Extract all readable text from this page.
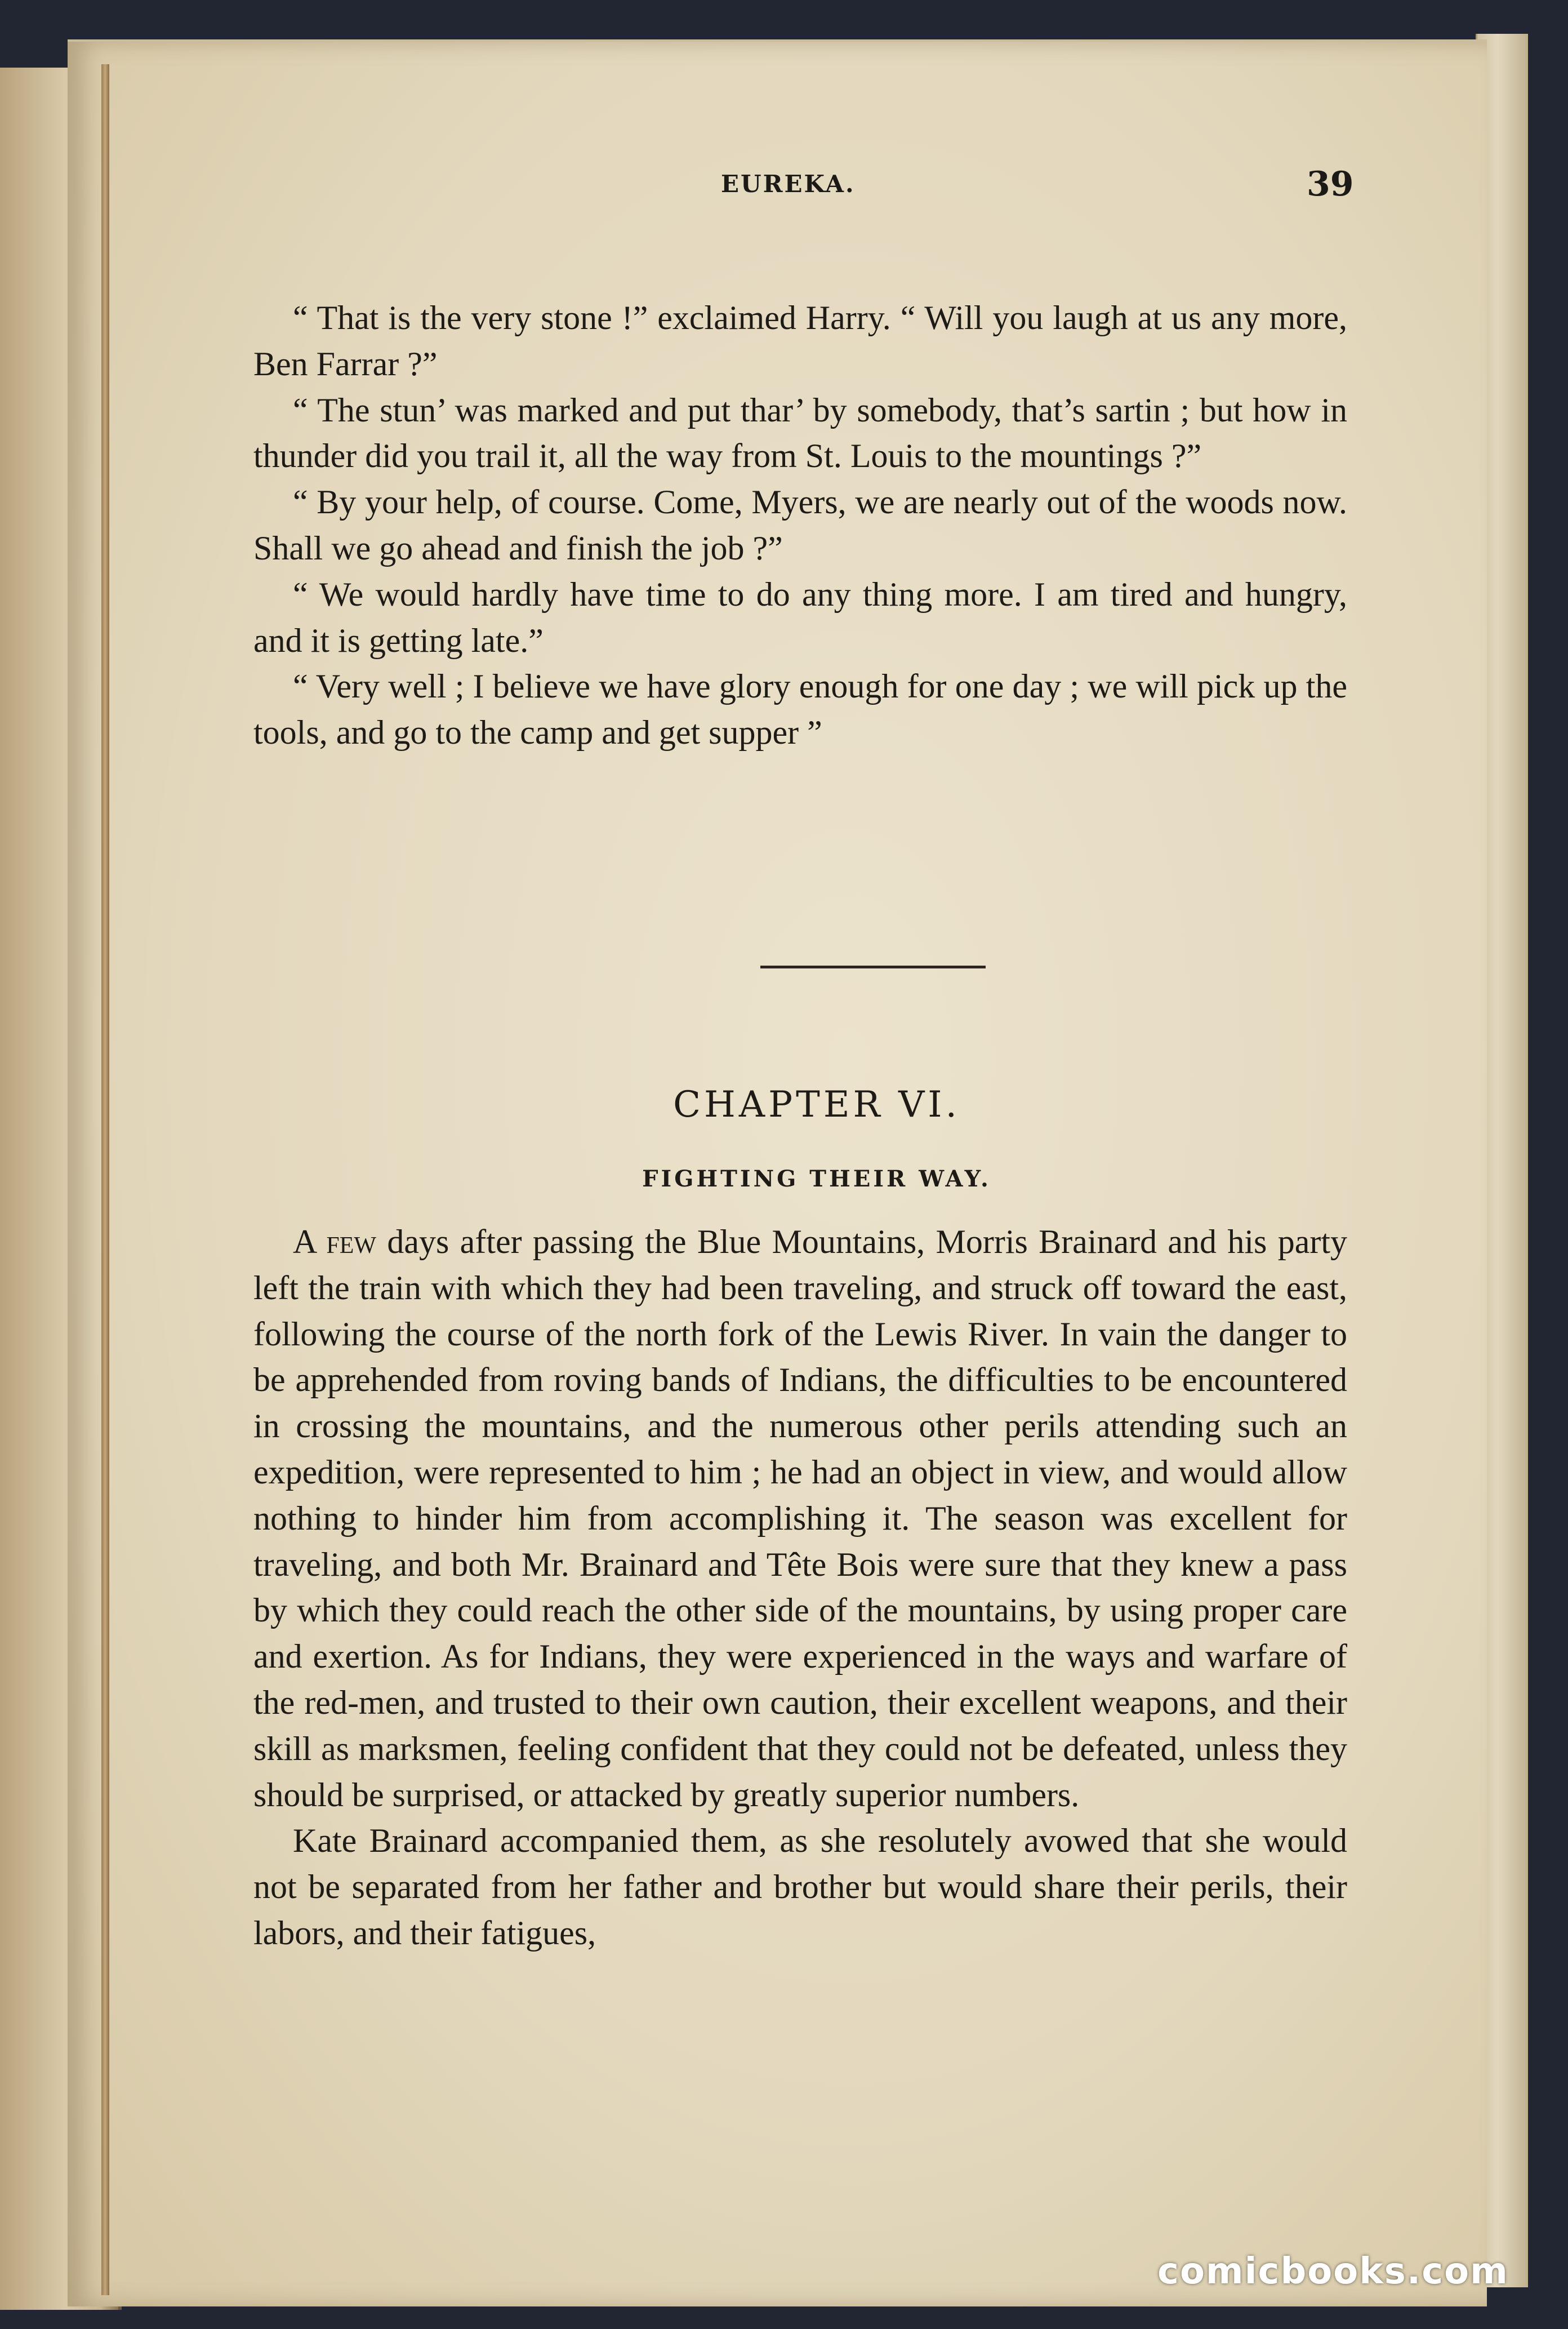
EUREKA.	39

“ That is the very stone !” exclaimed Harry. “ Will you laugh at us any more, Ben Farrar ?”

“ The stun’ was marked and put thar’ by somebody, that’s sartin ; but how in thunder did you trail it, all the way from St. Louis to the mountings ?”

“ By your help, of course. Come, Myers, we are nearly out of the woods now. Shall we go ahead and finish the job ?”

“ We would hardly have time to do any thing more. I am tired and hungry, and it is getting late.”

“ Very well ; I believe we have glory enough for one day ; we will pick up the tools, and go to the camp and get supper ”

CHAPTER VI.
FIGHTING THEIR WAY.

A few days after passing the Blue Mountains, Morris Brainard and his party left the train with which they had been traveling, and struck off toward the east, following the course of the north fork of the Lewis River. In vain the danger to be apprehended from roving bands of Indians, the difficulties to be encountered in crossing the mountains, and the numerous other perils attending such an expedition, were represented to him ; he had an object in view, and would allow nothing to hinder him from accomplishing it. The season was excellent for traveling, and both Mr. Brainard and Tête Bois were sure that they knew a pass by which they could reach the other side of the mountains, by using proper care and exertion. As for Indians, they were experienced in the ways and warfare of the red-men, and trusted to their own caution, their excellent weapons, and their skill as marksmen, feeling confident that they could not be defeated, unless they should be surprised, or attacked by greatly superior numbers.

Kate Brainard accompanied them, as she resolutely avowed that she would not be separated from her father and brother but would share their perils, their labors, and their fatigues,

comicbooks.com
